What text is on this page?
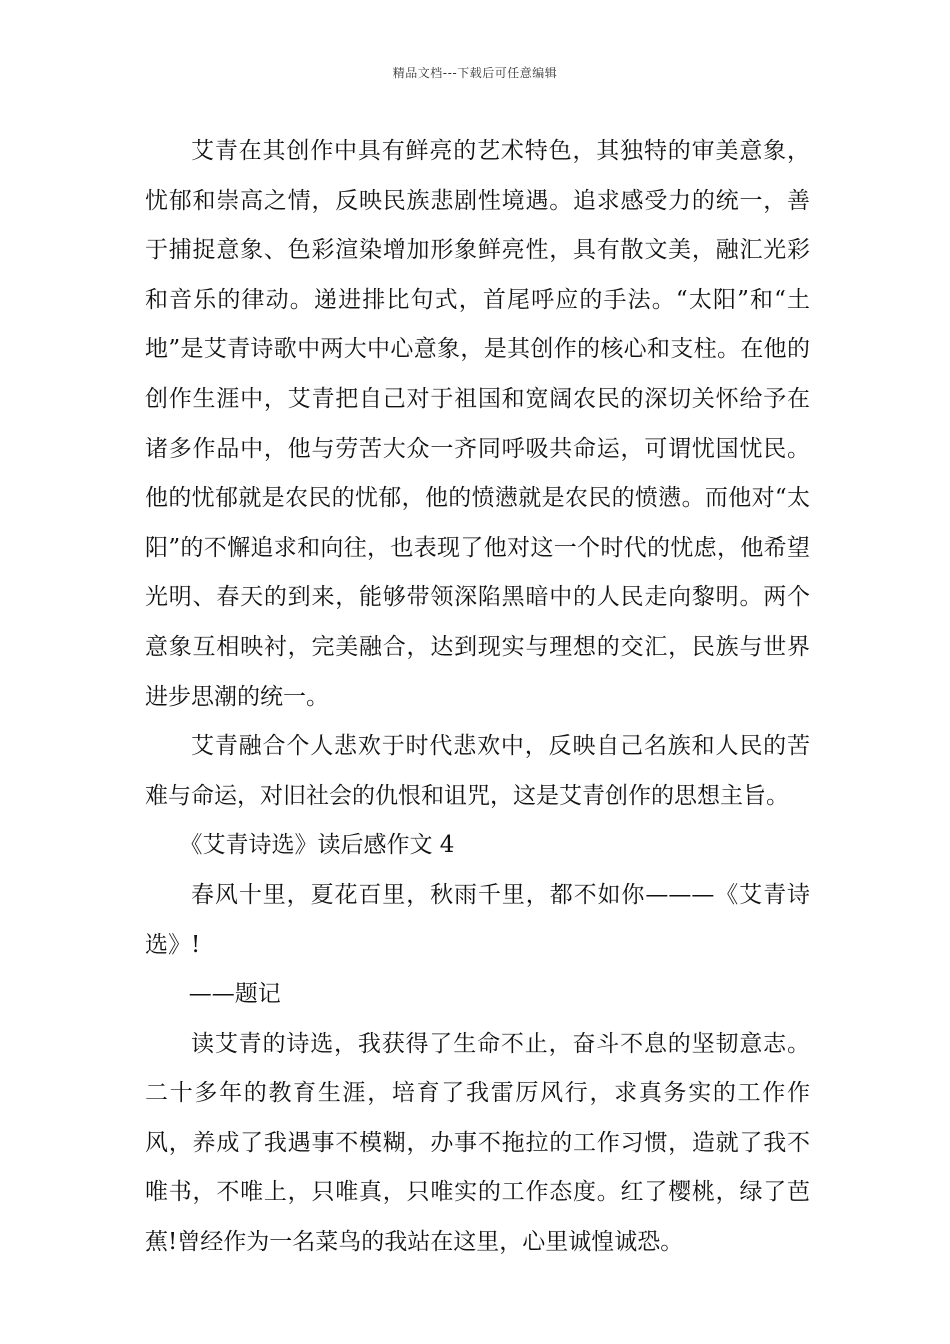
精品文档---下载后可任意编辑

艾青在其创作中具有鲜亮的艺术特色，其独特的审美意象，忧郁和崇高之情，反映民族悲剧性境遇。追求感受力的统一，善于捕捉意象、色彩渲染增加形象鲜亮性，具有散文美，融汇光彩和音乐的律动。递进排比句式，首尾呼应的手法。“太阳”和“土地”是艾青诗歌中两大中心意象，是其创作的核心和支柱。在他的创作生涯中，艾青把自己对于祖国和宽阔农民的深切关怀给予在诸多作品中，他与劳苦大众一齐同呼吸共命运，可谓忧国忧民。他的忧郁就是农民的忧郁，他的愤懑就是农民的愤懑。而他对“太阳”的不懈追求和向往，也表现了他对这一个时代的忧虑，他希望光明、春天的到来，能够带领深陷黑暗中的人民走向黎明。两个意象互相映衬，完美融合，达到现实与理想的交汇，民族与世界进步思潮的统一。

艾青融合个人悲欢于时代悲欢中，反映自己名族和人民的苦难与命运，对旧社会的仇恨和诅咒，这是艾青创作的思想主旨。

《艾青诗选》读后感作文 4

春风十里，夏花百里，秋雨千里，都不如你———《艾青诗选》!

——题记

读艾青的诗选，我获得了生命不止，奋斗不息的坚韧意志。二十多年的教育生涯，培育了我雷厉风行，求真务实的工作作风，养成了我遇事不模糊，办事不拖拉的工作习惯，造就了我不唯书，不唯上，只唯真，只唯实的工作态度。红了樱桃，绿了芭蕉!曾经作为一名菜鸟的我站在这里，心里诚惶诚恐。
